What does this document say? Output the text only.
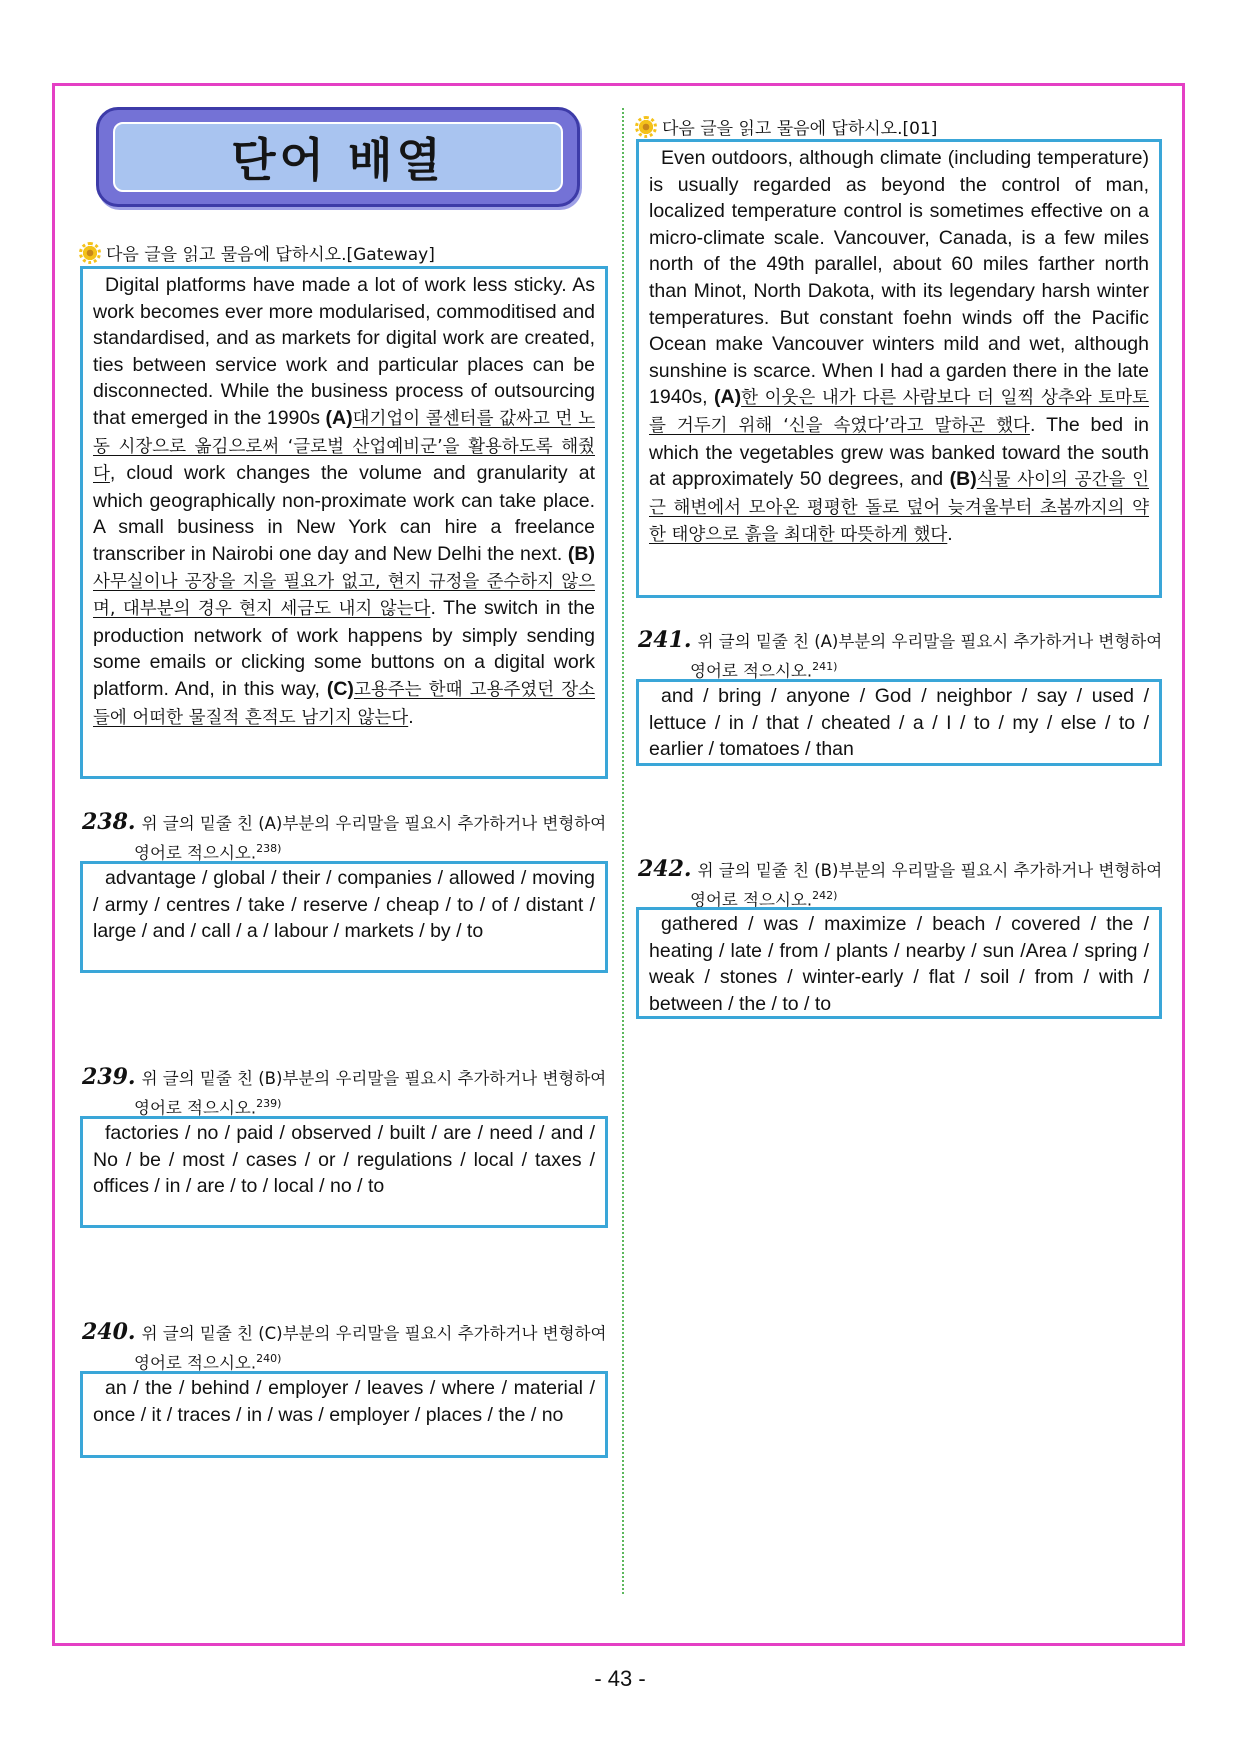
단어 배열
다음 글을 읽고 물음에 답하시오.[Gateway]

Digital platforms have made a lot of work less sticky. As work becomes ever more modularised, commoditised and standardised, and as markets for digital work are created, ties between service work and particular places can be disconnected. While the business process of outsourcing that emerged in the 1990s (A)대기업이 콜센터를 값싸고 먼 노동 시장으로 옮김으로써 ‘글로벌 산업예비군’을 활용하도록 해줬다, cloud work changes the volume and granularity at which geographically non-proximate work can take place. A small business in New York can hire a freelance transcriber in Nairobi one day and New Delhi the next. (B)사무실이나 공장을 지을 필요가 없고, 현지 규정을 준수하지 않으며, 대부분의 경우 현지 세금도 내지 않는다. The switch in the production network of work happens by simply sending some emails or clicking some buttons on a digital work platform. And, in this way, (C)고용주는 한때 고용주였던 장소들에 어떠한 물질적 흔적도 남기지 않는다.

238. 위 글의 밑줄 친 (A)부분의 우리말을 필요시 추가하거나 변형하여
영어로 적으시오.$^{238)}$

advantage / global / their / companies / allowed / moving / army / centres / take / reserve / cheap / to / of / distant / large / and / call / a / labour / markets / by / to

239. 위 글의 밑줄 친 (B)부분의 우리말을 필요시 추가하거나 변형하여
영어로 적으시오.$^{239)}$

factories / no / paid / observed / built / are / need / and / No / be / most / cases / or / regulations / local / taxes / offices / in / are / to / local / no / to

240. 위 글의 밑줄 친 (C)부분의 우리말을 필요시 추가하거나 변형하여
영어로 적으시오.$^{240)}$

an / the / behind / employer / leaves / where / material / once / it / traces / in / was / employer / places / the / no

다음 글을 읽고 물음에 답하시오.[01]

Even outdoors, although climate (including temperature) is usually regarded as beyond the control of man, localized temperature control is sometimes effective on a micro-climate scale. Vancouver, Canada, is a few miles north of the 49th parallel, about 60 miles farther north than Minot, North Dakota, with its legendary harsh winter temperatures. But constant foehn winds off the Pacific Ocean make Vancouver winters mild and wet, although sunshine is scarce. When I had a garden there in the late 1940s, (A)한 이웃은 내가 다른 사람보다 더 일찍 상추와 토마토를 거두기 위해 ‘신을 속였다’라고 말하곤 했다. The bed in which the vegetables grew was banked toward the south at approximately 50 degrees, and (B)식물 사이의 공간을 인근 해변에서 모아온 평평한 돌로 덮어 늦겨울부터 초봄까지의 약한 태양으로 흙을 최대한 따뜻하게 했다.

241. 위 글의 밑줄 친 (A)부분의 우리말을 필요시 추가하거나 변형하여
영어로 적으시오.$^{241)}$

and / bring / anyone / God / neighbor / say / used / lettuce / in / that / cheated / a / I / to / my / else / to / earlier / tomatoes / than

242. 위 글의 밑줄 친 (B)부분의 우리말을 필요시 추가하거나 변형하여
영어로 적으시오.$^{242)}$

gathered / was / maximize / beach / covered / the / heating / late / from / plants / nearby / sun /Area / spring / weak / stones / winter-early / flat / soil / from / with / between / the / to / to

- 43 -
